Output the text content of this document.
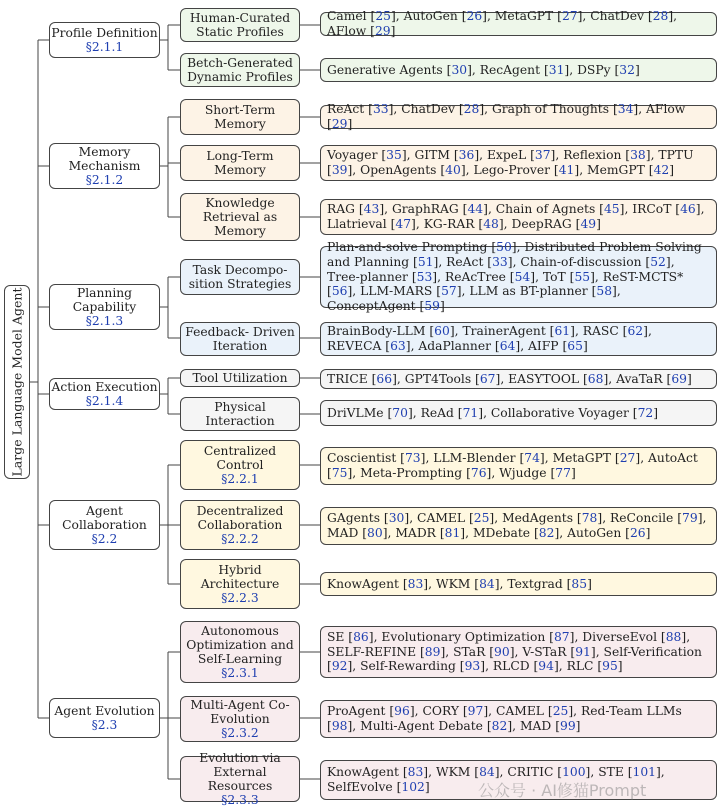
Large Language Model Agent
Profile Definition

§2.1.1
Human-Curated Static Profiles
Camel [25], AutoGen [26], MetaGPT [27], ChatDev [28], AFlow [29]
Betch-Generated Dynamic Profiles
Generative Agents [30], RecAgent [31], DSPy [32]
Memory Mechanism

§2.1.2
Short-Term Memory
ReAct [33], ChatDev [28], Graph of Thoughts [34], AFlow [29]
Long-Term Memory
Voyager [35], GITM [36], ExpeL [37], Reflexion [38], TPTU [39], OpenAgents [40], Lego-Prover [41], MemGPT [42]
Knowledge Retrieval as Memory
RAG [43], GraphRAG [44], Chain of Agnets [45], IRCoT [46], Llatrieval [47], KG-RAR [48], DeepRAG [49]
Planning Capability

§2.1.3
Task Decompo- sition Strategies
Plan-and-solve Prompting [50], Distributed Problem Solving and Planning [51], ReAct [33], Chain-of-discussion [52], Tree-planner [53], ReAcTree [54], ToT [55], ReST-MCTS* [56], LLM-MARS [57], LLM as BT-planner [58], ConceptAgent [59]
Feedback- Driven Iteration
BrainBody-LLM [60], TrainerAgent [61], RASC [62], REVECA [63], AdaPlanner [64], AIFP [65]
Action Execution

§2.1.4
Tool Utilization	TRICE [66], GPT4Tools [67], EASYTOOL [68], AvaTaR [69]
Physical Interaction
DriVLMe [70], ReAd [71], Collaborative Voyager [72]
Agent Collaboration

§2.2
Centralized Control
§2.2.1
Coscientist [73], LLM-Blender [74], MetaGPT [27], AutoAct [75], Meta-Prompting [76], Wjudge [77]
Decentralized Collaboration
§2.2.2
GAgents [30], CAMEL [25], MedAgents [78], ReConcile [79], MAD [80], MADR [81], MDebate [82], AutoGen [26]
Hybrid Architecture
§2.2.3
KnowAgent [83], WKM [84], Textgrad [85]
Agent Evolution

§2.3
Autonomous Optimization and Self-Learning
§2.3.1
SE [86], Evolutionary Optimization [87], DiverseEvol [88], SELF-REFINE [89], STaR [90], V-STaR [91], Self-Verification [92], Self-Rewarding [93], RLCD [94], RLC [95]
Multi-Agent Co-Evolution
§2.3.2
ProAgent [96], CORY [97], CAMEL [25], Red-Team LLMs [98], Multi-Agent Debate [82], MAD [99]
Evolution via External Resources
§2.3.3
KnowAgent [83], WKM [84], CRITIC [100], STE [101], SelfEvolve [102]	公众号 · AI修猫Prompt
